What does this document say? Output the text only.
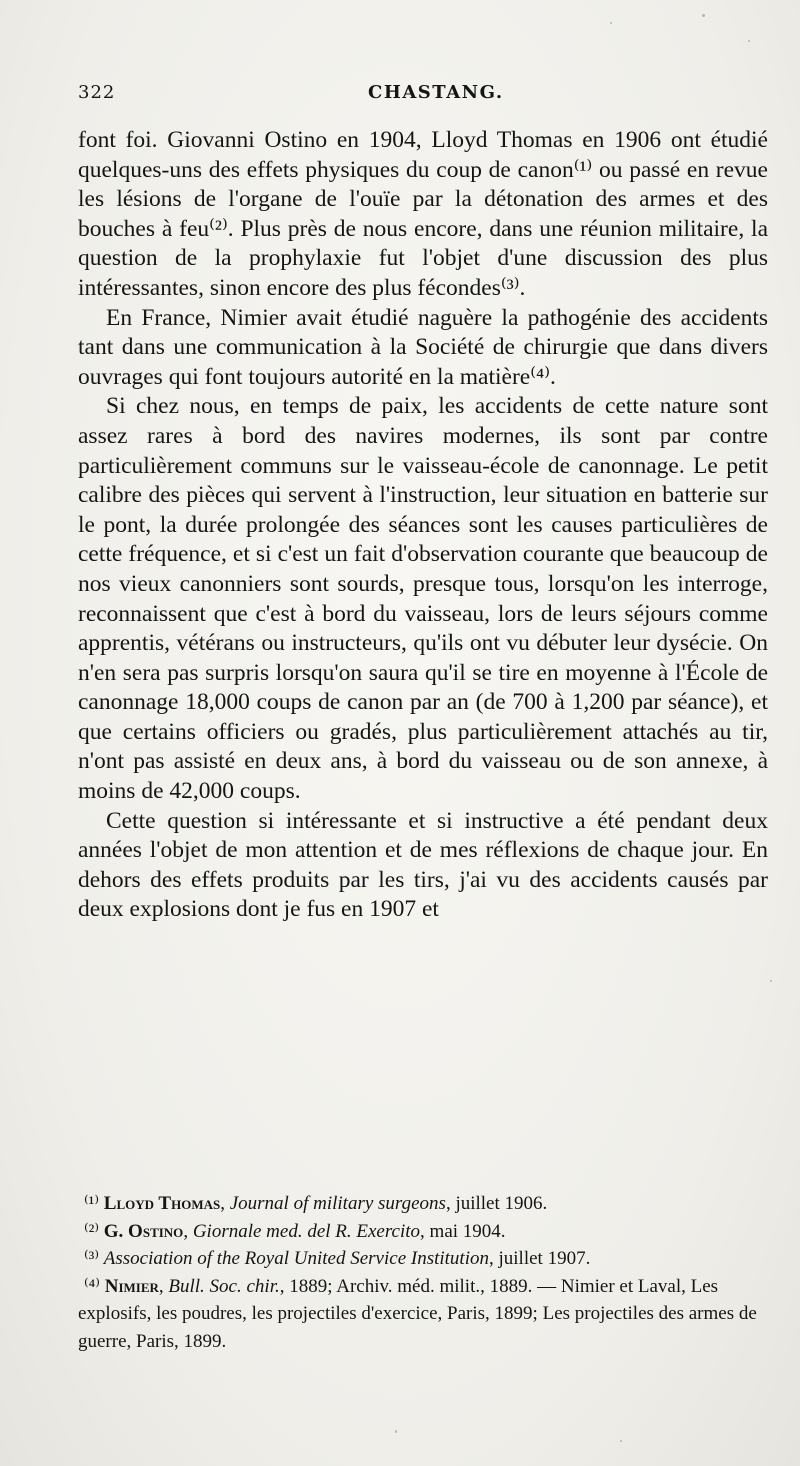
322	CHASTANG.

font foi. Giovanni Ostino en 1904, Lloyd Thomas en 1906 ont étudié quelques-uns des effets physiques du coup de canon⁽¹⁾ ou passé en revue les lésions de l'organe de l'ouïe par la détonation des armes et des bouches à feu⁽²⁾. Plus près de nous encore, dans une réunion militaire, la question de la prophylaxie fut l'objet d'une discussion des plus intéressantes, sinon encore des plus fécondes⁽³⁾.

En France, Nimier avait étudié naguère la pathogénie des accidents tant dans une communication à la Société de chirurgie que dans divers ouvrages qui font toujours autorité en la matière⁽⁴⁾.

Si chez nous, en temps de paix, les accidents de cette nature sont assez rares à bord des navires modernes, ils sont par contre particulièrement communs sur le vaisseau-école de canonnage. Le petit calibre des pièces qui servent à l'instruction, leur situation en batterie sur le pont, la durée prolongée des séances sont les causes particulières de cette fréquence, et si c'est un fait d'observation courante que beaucoup de nos vieux canonniers sont sourds, presque tous, lorsqu'on les interroge, reconnaissent que c'est à bord du vaisseau, lors de leurs séjours comme apprentis, vétérans ou instructeurs, qu'ils ont vu débuter leur dysécie. On n'en sera pas surpris lorsqu'on saura qu'il se tire en moyenne à l'École de canonnage 18,000 coups de canon par an (de 700 à 1,200 par séance), et que certains officiers ou gradés, plus particulièrement attachés au tir, n'ont pas assisté en deux ans, à bord du vaisseau ou de son annexe, à moins de 42,000 coups.

Cette question si intéressante et si instructive a été pendant deux années l'objet de mon attention et de mes réflexions de chaque jour. En dehors des effets produits par les tirs, j'ai vu des accidents causés par deux explosions dont je fus en 1907 et

⁽¹⁾ Lloyd Thomas, Journal of military surgeons, juillet 1906.

⁽²⁾ G. Ostino, Giornale med. del R. Exercito, mai 1904.

⁽³⁾ Association of the Royal United Service Institution, juillet 1907.

⁽⁴⁾ Nimier, Bull. Soc. chir., 1889; Archiv. méd. milit., 1889. — Nimier et Laval, Les explosifs, les poudres, les projectiles d'exercice, Paris, 1899; Les projectiles des armes de guerre, Paris, 1899.
